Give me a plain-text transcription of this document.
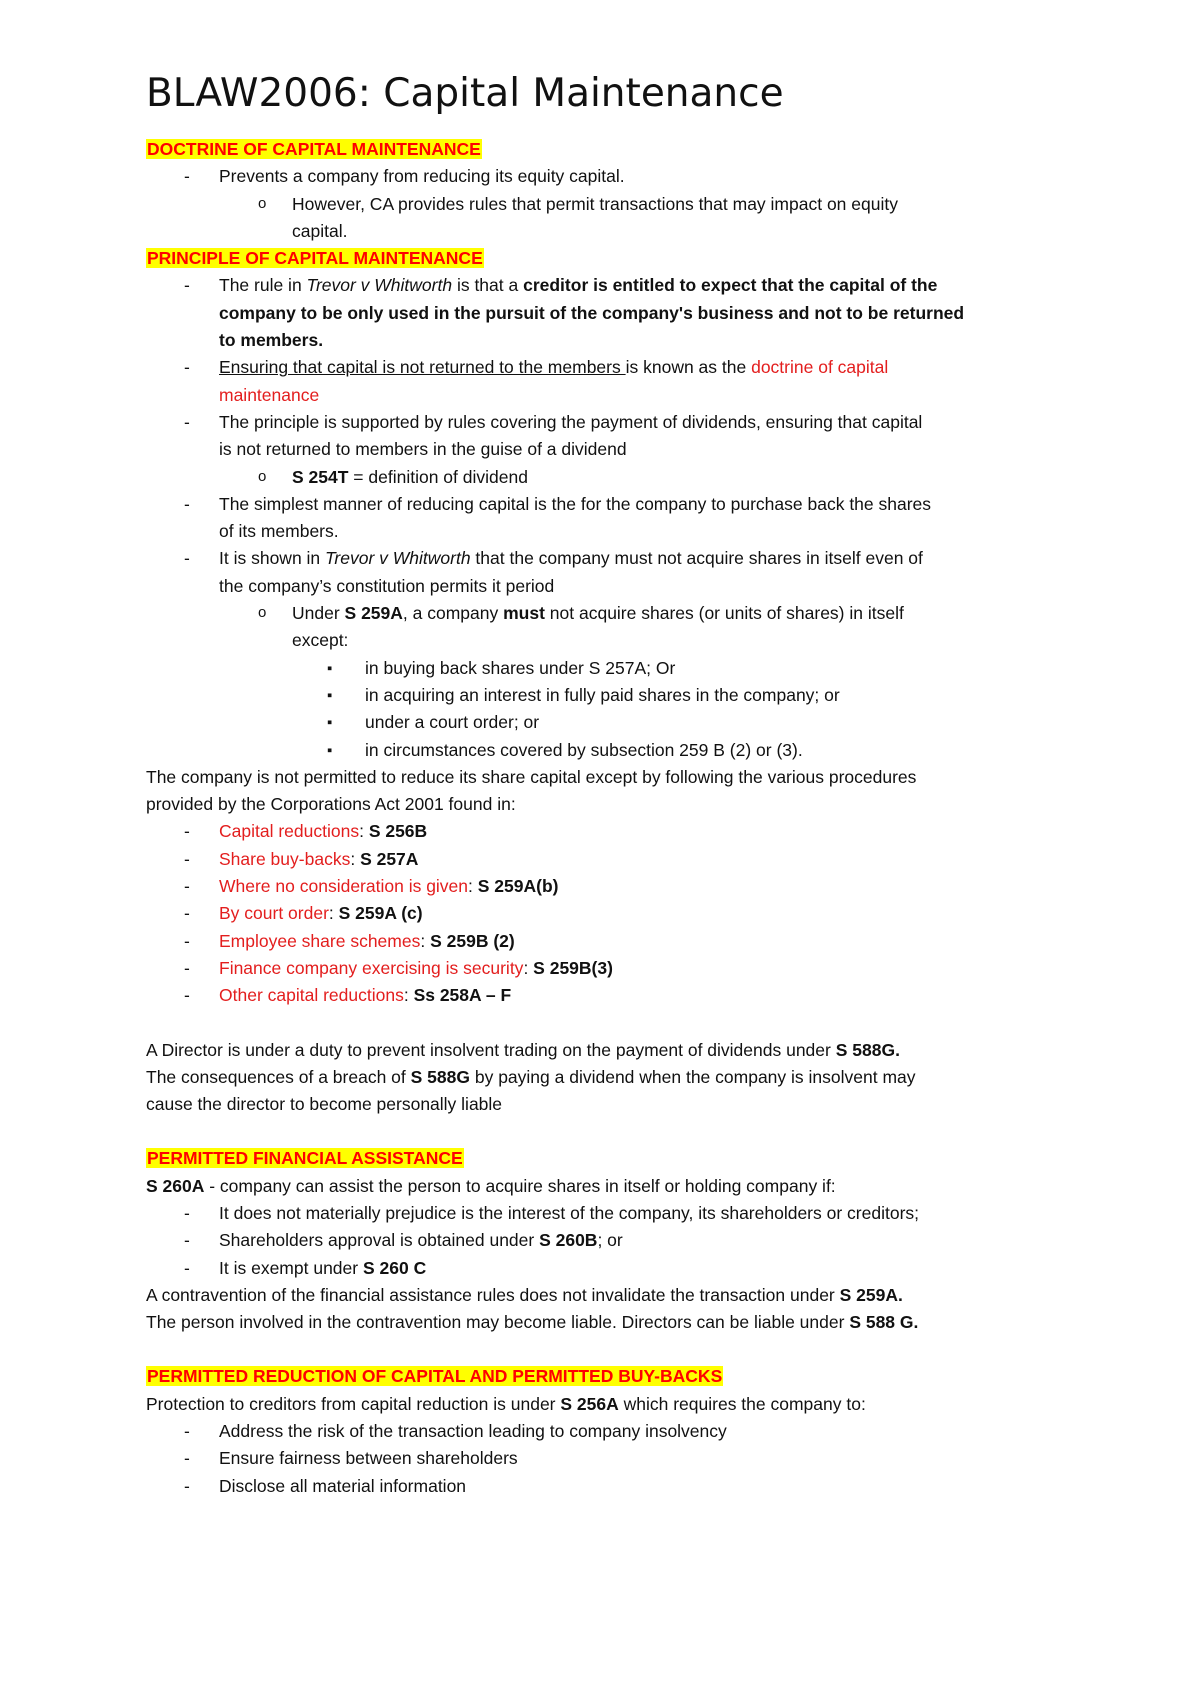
BLAW2006: Capital Maintenance
DOCTRINE OF CAPITAL MAINTENANCE
- Prevents a company from reducing its equity capital.
o However, CA provides rules that permit transactions that may impact on equity
capital.
PRINCIPLE OF CAPITAL MAINTENANCE
- The rule in Trevor v Whitworth is that a creditor is entitled to expect that the capital of the
company to be only used in the pursuit of the company's business and not to be returned
to members.
- Ensuring that capital is not returned to the members is known as the doctrine of capital
maintenance
- The principle is supported by rules covering the payment of dividends, ensuring that capital
is not returned to members in the guise of a dividend
o S 254T = definition of dividend
- The simplest manner of reducing capital is the for the company to purchase back the shares
of its members.
- It is shown in Trevor v Whitworth that the company must not acquire shares in itself even of
the company’s constitution permits it period
o Under S 259A, a company must not acquire shares (or units of shares) in itself
except:
▪ in buying back shares under S 257A; Or
▪ in acquiring an interest in fully paid shares in the company; or
▪ under a court order; or
▪ in circumstances covered by subsection 259 B (2) or (3).
The company is not permitted to reduce its share capital except by following the various procedures
provided by the Corporations Act 2001 found in:
- Capital reductions: S 256B
- Share buy-backs: S 257A
- Where no consideration is given: S 259A(b)
- By court order: S 259A (c)
- Employee share schemes: S 259B (2)
- Finance company exercising is security: S 259B(3)
- Other capital reductions: Ss 258A – F
A Director is under a duty to prevent insolvent trading on the payment of dividends under S 588G.
The consequences of a breach of S 588G by paying a dividend when the company is insolvent may
cause the director to become personally liable
PERMITTED FINANCIAL ASSISTANCE
S 260A - company can assist the person to acquire shares in itself or holding company if:
- It does not materially prejudice is the interest of the company, its shareholders or creditors;
- Shareholders approval is obtained under S 260B; or
- It is exempt under S 260 C
A contravention of the financial assistance rules does not invalidate the transaction under S 259A.
The person involved in the contravention may become liable. Directors can be liable under S 588 G.
PERMITTED REDUCTION OF CAPITAL AND PERMITTED BUY-BACKS
Protection to creditors from capital reduction is under S 256A which requires the company to:
- Address the risk of the transaction leading to company insolvency
- Ensure fairness between shareholders
- Disclose all material information
